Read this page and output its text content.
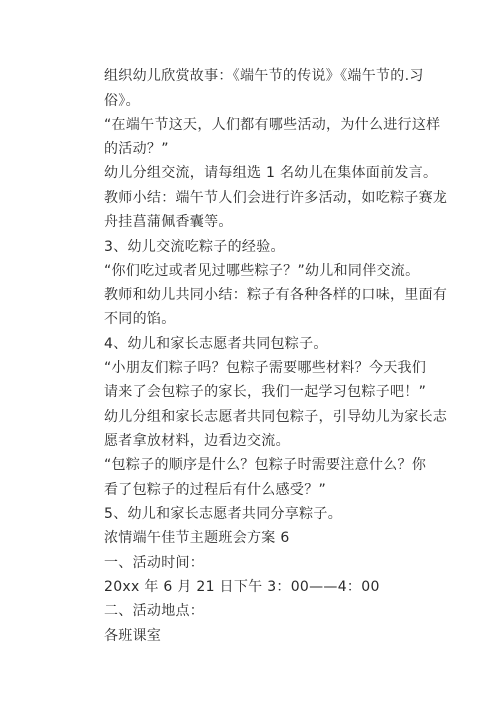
组织幼儿欣赏故事：《端午节的传说》《端午节的.习
俗》。
“在端午节这天，人们都有哪些活动，为什么进行这样
的活动？”
幼儿分组交流，请每组选 1 名幼儿在集体面前发言。
教师小结：端午节人们会进行许多活动，如吃粽子赛龙
舟挂菖蒲佩香囊等。
3、幼儿交流吃粽子的经验。
“你们吃过或者见过哪些粽子？”幼儿和同伴交流。
教师和幼儿共同小结：粽子有各种各样的口味，里面有
不同的馅。
4、幼儿和家长志愿者共同包粽子。
“小朋友们粽子吗？包粽子需要哪些材料？今天我们
请来了会包粽子的家长，我们一起学习包粽子吧！”
幼儿分组和家长志愿者共同包粽子，引导幼儿为家长志
愿者拿放材料，边看边交流。
“包粽子的顺序是什么？包粽子时需要注意什么？你
看了包粽子的过程后有什么感受？”
5、幼儿和家长志愿者共同分享粽子。
浓情端午佳节主题班会方案 6
一、活动时间：
20xx 年 6 月 21 日下午 3：00——4：00
二、活动地点：
各班课室
